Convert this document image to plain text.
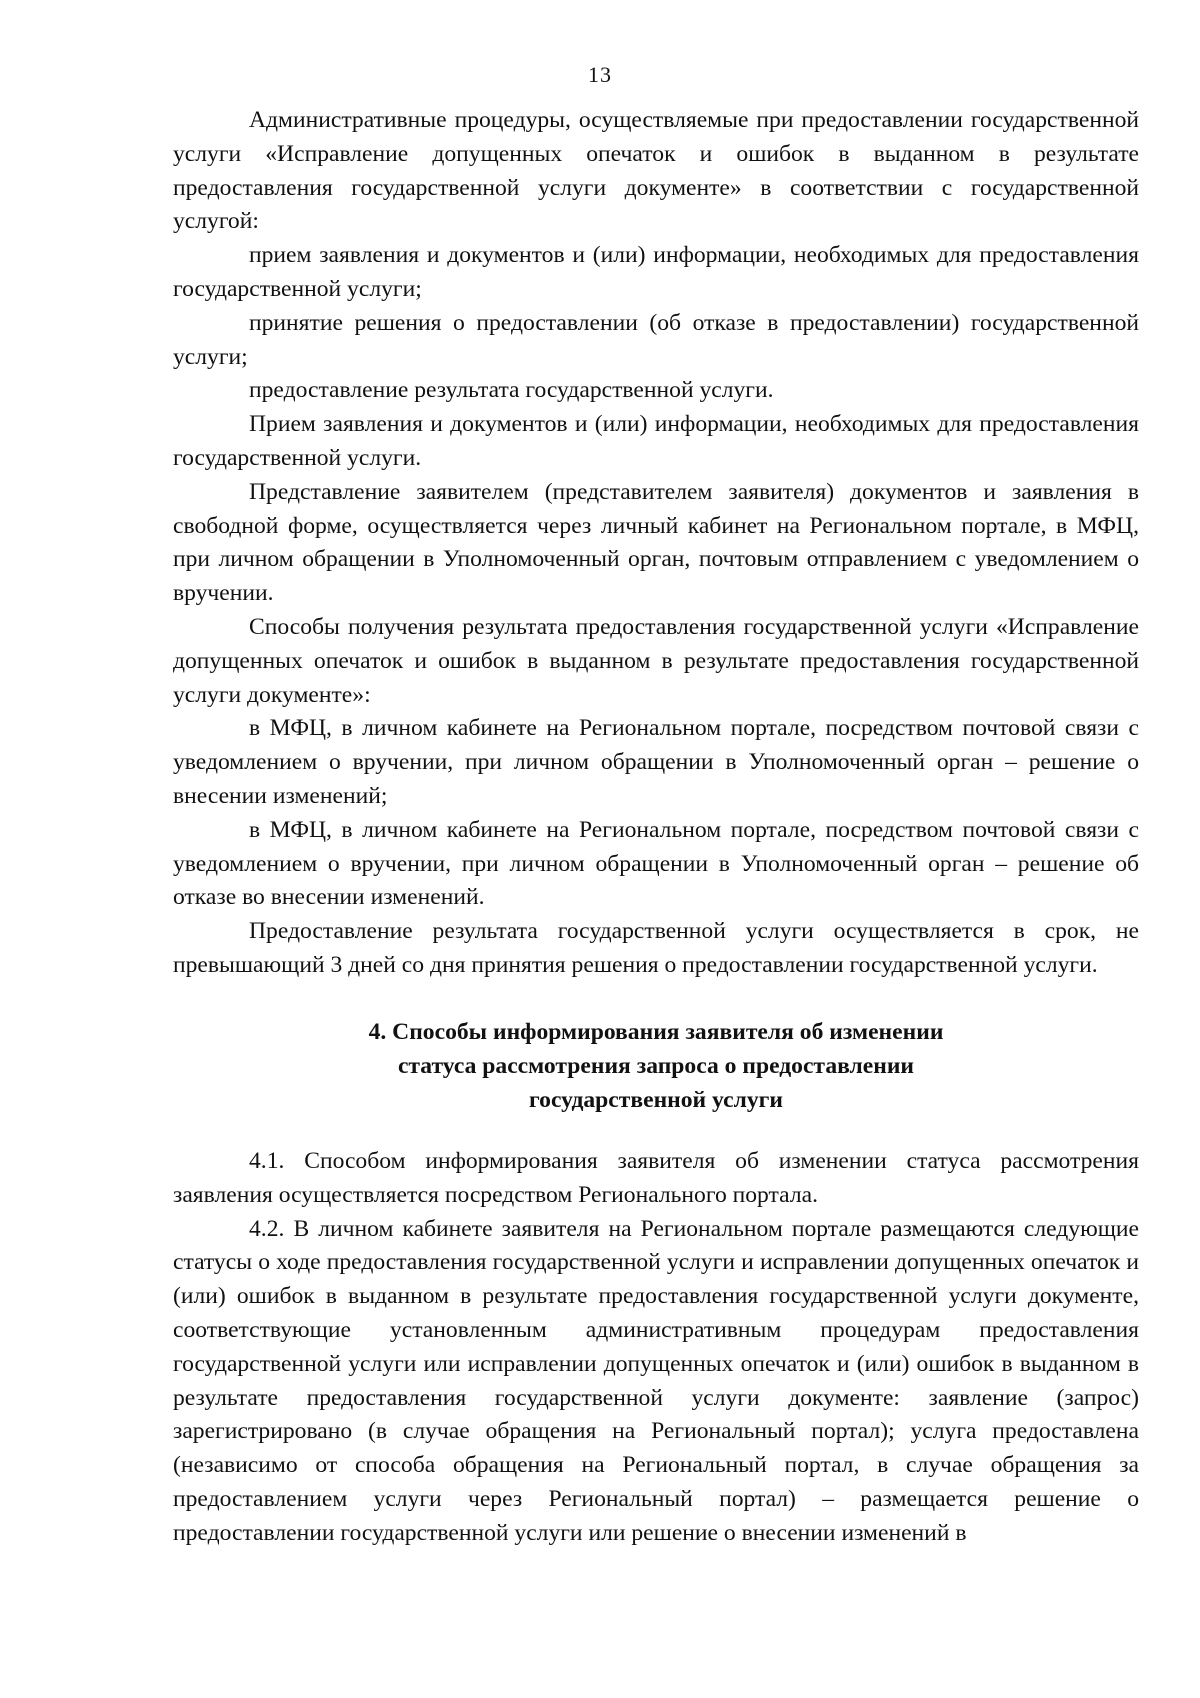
13

Административные процедуры, осуществляемые при предоставлении государственной услуги «Исправление допущенных опечаток и ошибок в выданном в результате предоставления государственной услуги документе» в соответствии с государственной услугой:

прием заявления и документов и (или) информации, необходимых для предоставления государственной услуги;

принятие решения о предоставлении (об отказе в предоставлении) государственной услуги;

предоставление результата государственной услуги.

Прием заявления и документов и (или) информации, необходимых для предоставления государственной услуги.

Представление заявителем (представителем заявителя) документов и заявления в свободной форме, осуществляется через личный кабинет на Региональном портале, в МФЦ, при личном обращении в Уполномоченный орган, почтовым отправлением с уведомлением о вручении.

Способы получения результата предоставления государственной услуги «Исправление допущенных опечаток и ошибок в выданном в результате предоставления государственной услуги документе»:

в МФЦ, в личном кабинете на Региональном портале, посредством почтовой связи с уведомлением о вручении, при личном обращении в Уполномоченный орган – решение о внесении изменений;

в МФЦ, в личном кабинете на Региональном портале, посредством почтовой связи с уведомлением о вручении, при личном обращении в Уполномоченный орган – решение об отказе во внесении изменений.

Предоставление результата государственной услуги осуществляется в срок, не превышающий 3 дней со дня принятия решения о предоставлении государственной услуги.

4. Способы информирования заявителя об изменении
статуса рассмотрения запроса о предоставлении
государственной услуги

4.1. Способом информирования заявителя об изменении статуса рассмотрения заявления осуществляется посредством Регионального портала.

4.2. В личном кабинете заявителя на Региональном портале размещаются следующие статусы о ходе предоставления государственной услуги и исправлении допущенных опечаток и (или) ошибок в выданном в результате предоставления государственной услуги документе, соответствующие установленным административным процедурам предоставления государственной услуги или исправлении допущенных опечаток и (или) ошибок в выданном в результате предоставления государственной услуги документе: заявление (запрос) зарегистрировано (в случае обращения на Региональный портал); услуга предоставлена (независимо от способа обращения на Региональный портал, в случае обращения за предоставлением услуги через Региональный портал) – размещается решение о предоставлении государственной услуги или решение о внесении изменений в
